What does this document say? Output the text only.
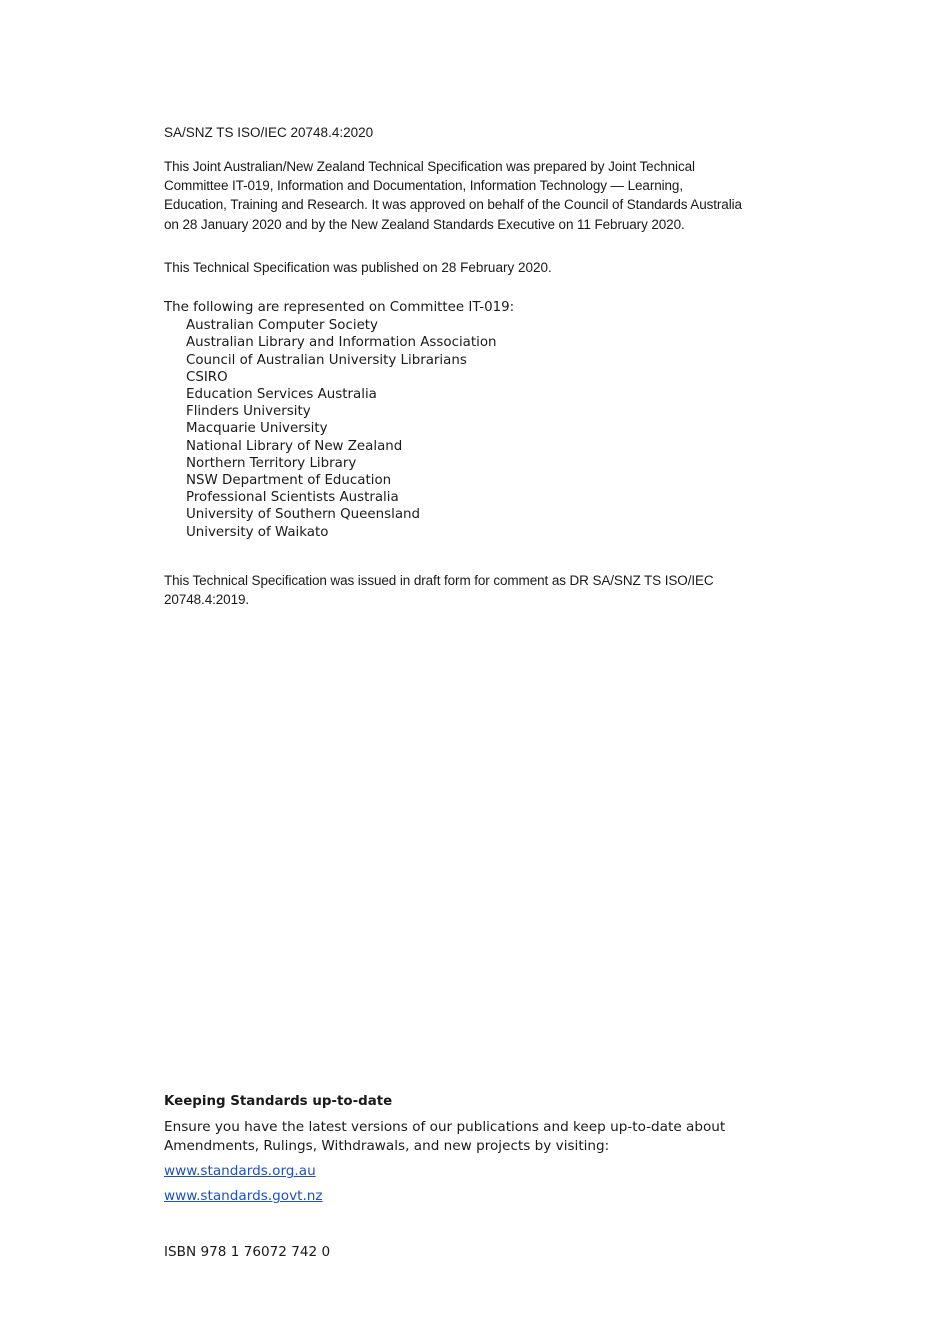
SA/SNZ TS ISO/IEC 20748.4:2020
This Joint Australian/New Zealand Technical Specification was prepared by Joint Technical Committee IT-019, Information and Documentation, Information Technology — Learning, Education, Training and Research. It was approved on behalf of the Council of Standards Australia on 28 January 2020 and by the New Zealand Standards Executive on 11 February 2020.
This Technical Specification was published on 28 February 2020.
The following are represented on Committee IT-019:
Australian Computer Society
Australian Library and Information Association
Council of Australian University Librarians
CSIRO
Education Services Australia
Flinders University
Macquarie University
National Library of New Zealand
Northern Territory Library
NSW Department of Education
Professional Scientists Australia
University of Southern Queensland
University of Waikato
This Technical Specification was issued in draft form for comment as DR SA/SNZ TS ISO/IEC 20748.4:2019.
Keeping Standards up-to-date
Ensure you have the latest versions of our publications and keep up-to-date about Amendments, Rulings, Withdrawals, and new projects by visiting:
www.standards.org.au
www.standards.govt.nz
ISBN 978 1 76072 742 0
